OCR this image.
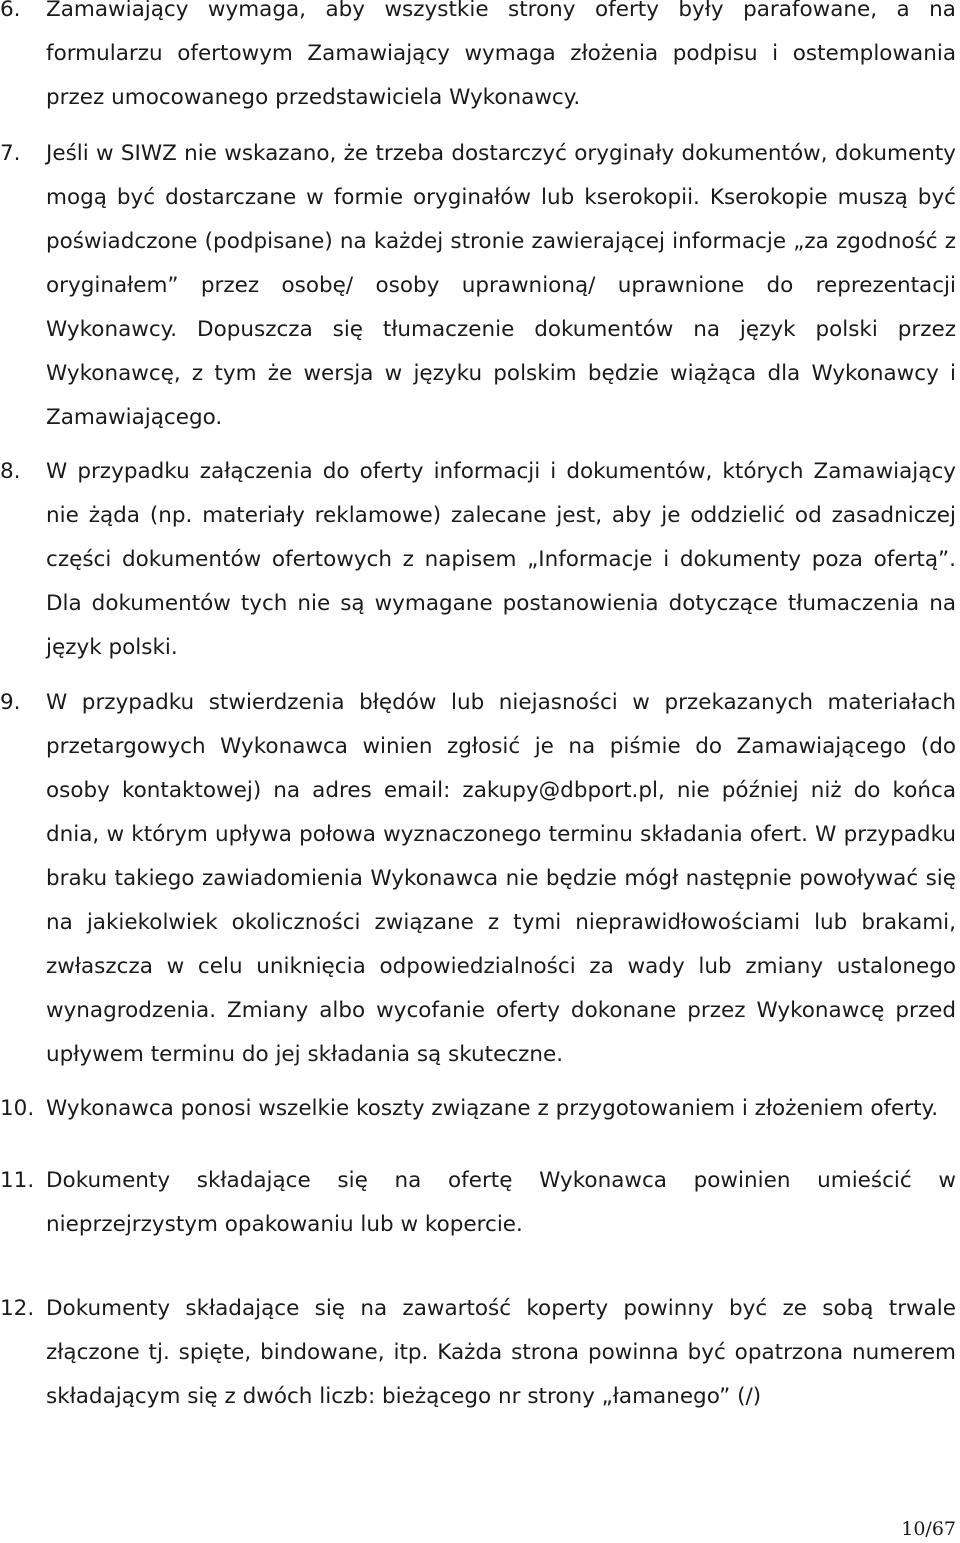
6. Zamawiający wymaga, aby wszystkie strony oferty były parafowane, a na formularzu ofertowym Zamawiający wymaga złożenia podpisu i ostemplowania przez umocowanego przedstawiciela Wykonawcy.
7. Jeśli w SIWZ nie wskazano, że trzeba dostarczyć oryginały dokumentów, dokumenty mogą być dostarczane w formie oryginałów lub kserokopii. Kserokopie muszą być poświadczone (podpisane) na każdej stronie zawierającej informacje „za zgodność z oryginałem” przez osobę/ osoby uprawnioną/ uprawnione do reprezentacji Wykonawcy. Dopuszcza się tłumaczenie dokumentów na język polski przez Wykonawcę, z tym że wersja w języku polskim będzie wiążąca dla Wykonawcy i Zamawiającego.
8. W przypadku załączenia do oferty informacji i dokumentów, których Zamawiający nie żąda (np. materiały reklamowe) zalecane jest, aby je oddzielić od zasadniczej części dokumentów ofertowych z napisem „Informacje i dokumenty poza ofertą”. Dla dokumentów tych nie są wymagane postanowienia dotyczące tłumaczenia na język polski.
9. W przypadku stwierdzenia błędów lub niejasności w przekazanych materiałach przetargowych Wykonawca winien zgłosić je na piśmie do Zamawiającego (do osoby kontaktowej) na adres email: zakupy@dbport.pl, nie później niż do końca dnia, w którym upływa połowa wyznaczonego terminu składania ofert. W przypadku braku takiego zawiadomienia Wykonawca nie będzie mógł następnie powoływać się na jakiekolwiek okoliczności związane z tymi nieprawidłowościami lub brakami, zwłaszcza w celu uniknięcia odpowiedzialności za wady lub zmiany ustalonego wynagrodzenia. Zmiany albo wycofanie oferty dokonane przez Wykonawcę przed upływem terminu do jej składania są skuteczne.
10. Wykonawca ponosi wszelkie koszty związane z przygotowaniem i złożeniem oferty.
11. Dokumenty składające się na ofertę Wykonawca powinien umieścić w nieprzejrzystym opakowaniu lub w kopercie.
12. Dokumenty składające się na zawartość koperty powinny być ze sobą trwale złączone tj. spięte, bindowane, itp. Każda strona powinna być opatrzona numerem składającym się z dwóch liczb: bieżącego nr strony „łamanego” (/)
10/67
